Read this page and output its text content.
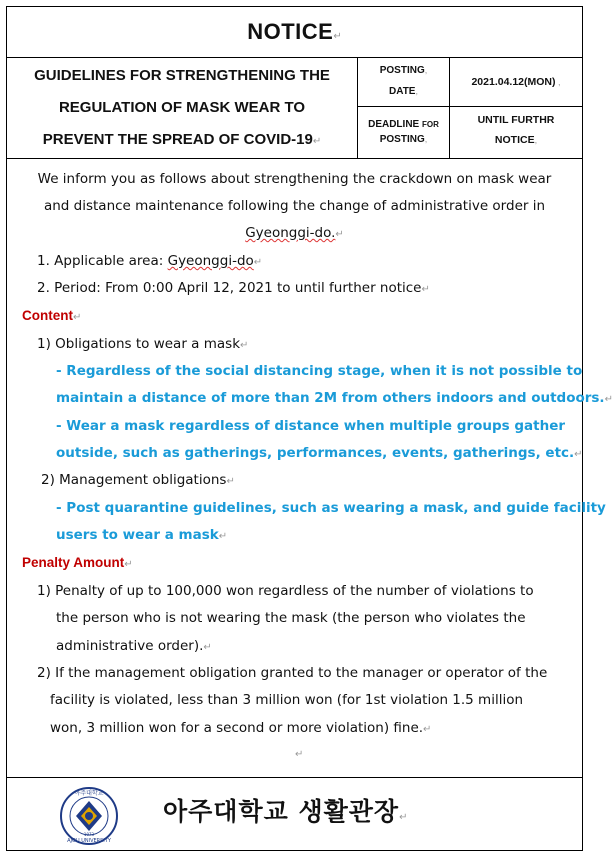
NOTICE↵
GUIDELINES FOR STRENGTHENING THE
REGULATION OF MASK WEAR TO
PREVENT THE SPREAD OF COVID-19↵
POSTING,
DATE,
2021.04.12(MON) ,
DEADLINE FOR
POSTING,
UNTIL FURTHR
NOTICE,
We inform you as follows about strengthening the crackdown on mask wear
and distance maintenance following the change of administrative order in
Gyeonggi-do.↵
1. Applicable area: Gyeonggi-do↵
2. Period: From 0:00 April 12, 2021 to until further notice↵
Content↵
1) Obligations to wear a mask↵
- Regardless of the social distancing stage, when it is not possible to
maintain a distance of more than 2M from others indoors and outdoors.↵
- Wear a mask regardless of distance when multiple groups gather
outside, such as gatherings, performances, events, gatherings, etc.↵
2) Management obligations↵
- Post quarantine guidelines, such as wearing a mask, and guide facility
users to wear a mask↵
Penalty Amount↵
1) Penalty of up to 100,000 won regardless of the number of violations to
the person who is not wearing the mask (the person who violates the
administrative order).↵
2) If the management obligation granted to the manager or operator of the
facility is violated, less than 3 million won (for 1st violation 1.5 million
won, 3 million won for a second or more violation) fine.↵
↵
아주대학교
AJOU UNIVERSITY
1973
아주대학교 생활관장↵
